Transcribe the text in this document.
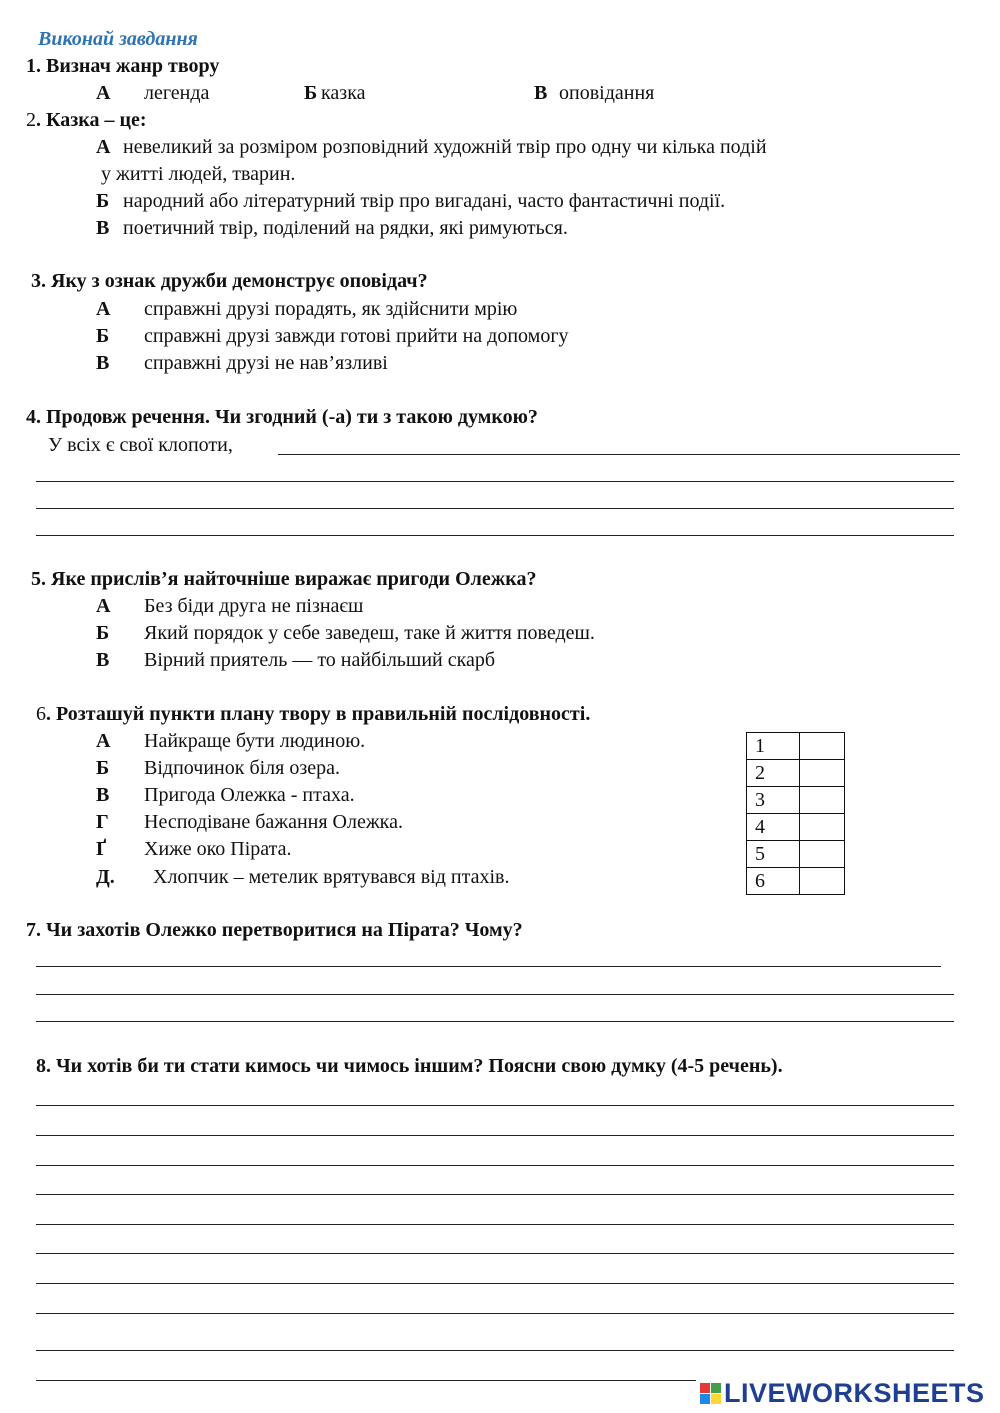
Виконай завдання
1. Визнач жанр твору
А легенда	Б казка	В оповідання
2. Казка – це:
А невеликий за розміром розповідний художній твір про одну чи кілька подій
у житті людей, тварин.
Б народний або літературний твір про вигадані, часто фантастичні події.
В поетичний твір, поділений на рядки, які римуються.
3. Яку з ознак дружби демонструє оповідач?
А справжні друзі порадять, як здійснити мрію
Б справжні друзі завжди готові прийти на допомогу
В справжні друзі не нав’язливі
4. Продовж речення. Чи згодний (-а) ти з такою думкою?
У всіх є свої клопоти,
5. Яке прислів’я найточніше виражає пригоди Олежка?
А Без біди друга не пізнаєш
Б Який порядок у себе заведеш, таке й життя поведеш.
В Вірний приятель — то найбільший скарб
6. Розташуй пункти плану твору в правильній послідовності.
А Найкраще бути людиною.
Б Відпочинок біля озера.
В Пригода Олежка - птаха.
Г Несподіване бажання Олежка.
Ґ Хиже око Пірата.
Д. Хлопчик – метелик врятувався від птахів.
1	
2	
3	
4	
5	
6	
7. Чи захотів Олежко перетворитися на Пірата? Чому?
8. Чи хотів би ти стати кимось чи чимось іншим? Поясни свою думку (4-5 речень).
LIVEWORKSHEETS
